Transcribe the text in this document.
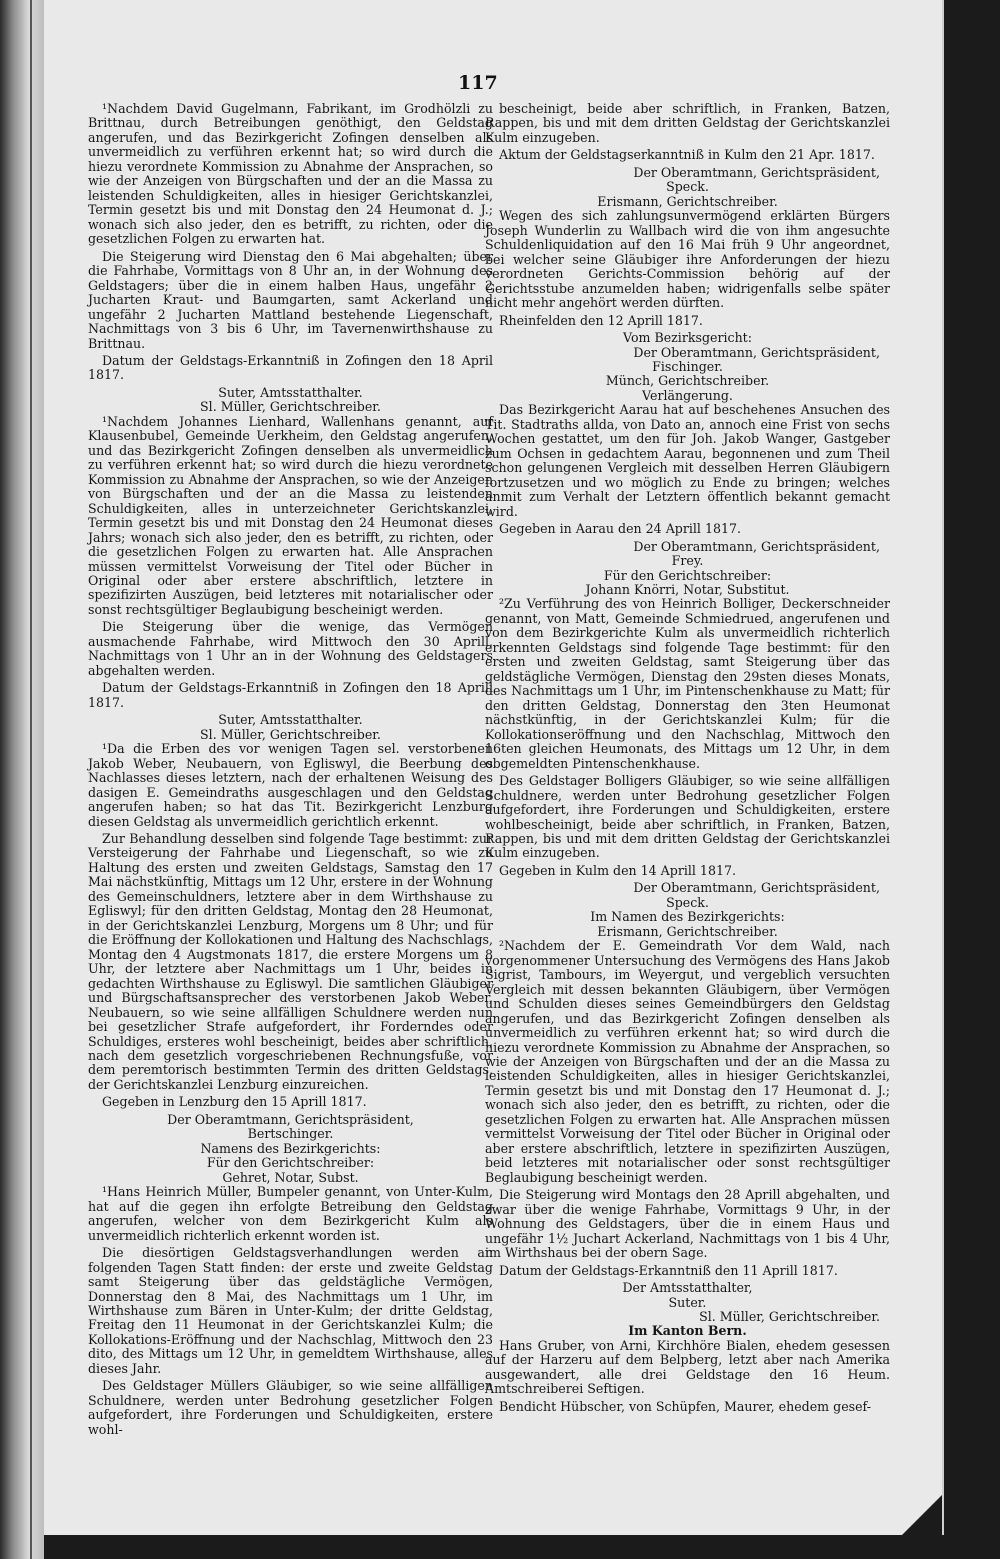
117

¹Nachdem David Gugelmann, Fabrikant, im Grodhölzli zu Brittnau, durch Betreibungen genöthigt, den Geldstag angerufen, und das Bezirkgericht Zofingen denselben als unvermeidlich zu verführen erkennt hat; so wird durch die hiezu verordnete Kommission zu Abnahme der Ansprachen, so wie der Anzeigen von Bürgschaften und der an die Massa zu leistenden Schuldigkeiten, alles in hiesiger Gerichtskanzlei, Termin gesetzt bis und mit Donstag den 24 Heumonat d. J.; wonach sich also jeder, den es betrifft, zu richten, oder die gesetzlichen Folgen zu erwarten hat.

Die Steigerung wird Dienstag den 6 Mai abgehalten; über die Fahrhabe, Vormittags von 8 Uhr an, in der Wohnung des Geldstagers; über die in einem halben Haus, ungefähr 2 Jucharten Kraut- und Baumgarten, samt Ackerland und ungefähr 2 Jucharten Mattland bestehende Liegenschaft, Nachmittags von 3 bis 6 Uhr, im Tavernenwirthshause zu Brittnau.

Datum der Geldstags-Erkanntniß in Zofingen den 18 April 1817.

Suter, Amtsstatthalter.

Sl. Müller, Gerichtschreiber.

¹Nachdem Johannes Lienhard, Wallenhans genannt, auf Klausenbubel, Gemeinde Uerkheim, den Geldstag angerufen, und das Bezirkgericht Zofingen denselben als unvermeidlich zu verführen erkennt hat; so wird durch die hiezu verordnete Kommission zu Abnahme der Ansprachen, so wie der Anzeigen von Bürgschaften und der an die Massa zu leistenden Schuldigkeiten, alles in unterzeichneter Gerichtskanzlei, Termin gesetzt bis und mit Donstag den 24 Heumonat dieses Jahrs; wonach sich also jeder, den es betrifft, zu richten, oder die gesetzlichen Folgen zu erwarten hat. Alle Ansprachen müssen vermittelst Vorweisung der Titel oder Bücher in Original oder aber erstere abschriftlich, letztere in spezifizirten Auszügen, beid letzteres mit notarialischer oder sonst rechtsgültiger Beglaubigung bescheinigt werden.

Die Steigerung über die wenige, das Vermögen ausmachende Fahrhabe, wird Mittwoch den 30 Aprill, Nachmittags von 1 Uhr an in der Wohnung des Geldstagers abgehalten werden.

Datum der Geldstags-Erkanntniß in Zofingen den 18 Aprill 1817.

Suter, Amtsstatthalter.

Sl. Müller, Gerichtschreiber.

¹Da die Erben des vor wenigen Tagen sel. verstorbenen Jakob Weber, Neubauern, von Egliswyl, die Beerbung des Nachlasses dieses letztern, nach der erhaltenen Weisung des dasigen E. Gemeindraths ausgeschlagen und den Geldstag angerufen haben; so hat das Tit. Bezirkgericht Lenzburg diesen Geldstag als unvermeidlich gerichtlich erkennt.

Zur Behandlung desselben sind folgende Tage bestimmt: zur Versteigerung der Fahrhabe und Liegenschaft, so wie zu Haltung des ersten und zweiten Geldstags, Samstag den 17 Mai nächstkünftig, Mittags um 12 Uhr, erstere in der Wohnung des Gemeinschuldners, letztere aber in dem Wirthshause zu Egliswyl; für den dritten Geldstag, Montag den 28 Heumonat, in der Gerichtskanzlei Lenzburg, Morgens um 8 Uhr; und für die Eröffnung der Kollokationen und Haltung des Nachschlags, Montag den 4 Augstmonats 1817, die erstere Morgens um 8 Uhr, der letztere aber Nachmittags um 1 Uhr, beides in gedachten Wirthshause zu Egliswyl. Die samtlichen Gläubiger und Bürgschaftsansprecher des verstorbenen Jakob Weber, Neubauern, so wie seine allfälligen Schuldnere werden nun bei gesetzlicher Strafe aufgefordert, ihr Forderndes oder Schuldiges, ersteres wohl bescheinigt, beides aber schriftlich, nach dem gesetzlich vorgeschriebenen Rechnungsfuße, vor dem peremtorisch bestimmten Termin des dritten Geldstags, der Gerichtskanzlei Lenzburg einzureichen.

Gegeben in Lenzburg den 15 Aprill 1817.

Der Oberamtmann, Gerichtspräsident,

Bertschinger.

Namens des Bezirkgerichts:

Für den Gerichtschreiber:

Gehret, Notar, Subst.

¹Hans Heinrich Müller, Bumpeler genannt, von Unter-Kulm, hat auf die gegen ihn erfolgte Betreibung den Geldstag angerufen, welcher von dem Bezirkgericht Kulm als unvermeidlich richterlich erkennt worden ist.

Die diesörtigen Geldstagsverhandlungen werden an folgenden Tagen Statt finden: der erste und zweite Geldstag samt Steigerung über das geldstägliche Vermögen, Donnerstag den 8 Mai, des Nachmittags um 1 Uhr, im Wirthshause zum Bären in Unter-Kulm; der dritte Geldstag, Freitag den 11 Heumonat in der Gerichtskanzlei Kulm; die Kollokations-Eröffnung und der Nachschlag, Mittwoch den 23 dito, des Mittags um 12 Uhr, in gemeldtem Wirthshause, alles dieses Jahr.

Des Geldstager Müllers Gläubiger, so wie seine allfälligen Schuldnere, werden unter Bedrohung gesetzlicher Folgen aufgefordert, ihre Forderungen und Schuldigkeiten, erstere wohl-

bescheinigt, beide aber schriftlich, in Franken, Batzen, Rappen, bis und mit dem dritten Geldstag der Gerichtskanzlei Kulm einzugeben.

Aktum der Geldstagserkanntniß in Kulm den 21 Apr. 1817.

Der Oberamtmann, Gerichtspräsident,

Speck.

Erismann, Gerichtschreiber.

Wegen des sich zahlungsunvermögend erklärten Bürgers Joseph Wunderlin zu Wallbach wird die von ihm angesuchte Schuldenliquidation auf den 16 Mai früh 9 Uhr angeordnet, bei welcher seine Gläubiger ihre Anforderungen der hiezu verordneten Gerichts-Commission behörig auf der Gerichtsstube anzumelden haben; widrigenfalls selbe später nicht mehr angehört werden dürften.

Rheinfelden den 12 Aprill 1817.

Vom Bezirksgericht:

Der Oberamtmann, Gerichtspräsident,

Fischinger.

Münch, Gerichtschreiber.

Verlängerung.

Das Bezirkgericht Aarau hat auf beschehenes Ansuchen des Tit. Stadtraths allda, von Dato an, annoch eine Frist von sechs Wochen gestattet, um den für Joh. Jakob Wanger, Gastgeber zum Ochsen in gedachtem Aarau, begonnenen und zum Theil schon gelungenen Vergleich mit desselben Herren Gläubigern fortzusetzen und wo möglich zu Ende zu bringen; welches anmit zum Verhalt der Letztern öffentlich bekannt gemacht wird.

Gegeben in Aarau den 24 Aprill 1817.

Der Oberamtmann, Gerichtspräsident,

Frey.

Für den Gerichtschreiber:

Johann Knörri, Notar, Substitut.

²Zu Verführung des von Heinrich Bolliger, Deckerschneider genannt, von Matt, Gemeinde Schmiedrued, angerufenen und von dem Bezirkgerichte Kulm als unvermeidlich richterlich erkennten Geldstags sind folgende Tage bestimmt: für den ersten und zweiten Geldstag, samt Steigerung über das geldstägliche Vermögen, Dienstag den 29sten dieses Monats, des Nachmittags um 1 Uhr, im Pintenschenkhause zu Matt; für den dritten Geldstag, Donnerstag den 3ten Heumonat nächstkünftig, in der Gerichtskanzlei Kulm; für die Kollokationseröffnung und den Nachschlag, Mittwoch den 16ten gleichen Heumonats, des Mittags um 12 Uhr, in dem obgemeldten Pintenschenkhause.

Des Geldstager Bolligers Gläubiger, so wie seine allfälligen Schuldnere, werden unter Bedrohung gesetzlicher Folgen aufgefordert, ihre Forderungen und Schuldigkeiten, erstere wohlbescheinigt, beide aber schriftlich, in Franken, Batzen, Rappen, bis und mit dem dritten Geldstag der Gerichtskanzlei Kulm einzugeben.

Gegeben in Kulm den 14 Aprill 1817.

Der Oberamtmann, Gerichtspräsident,

Speck.

Im Namen des Bezirkgerichts:

Erismann, Gerichtschreiber.

²Nachdem der E. Gemeindrath Vor dem Wald, nach vorgenommener Untersuchung des Vermögens des Hans Jakob Sigrist, Tambours, im Weyergut, und vergeblich versuchten Vergleich mit dessen bekannten Gläubigern, über Vermögen und Schulden dieses seines Gemeindbürgers den Geldstag angerufen, und das Bezirkgericht Zofingen denselben als unvermeidlich zu verführen erkennt hat; so wird durch die hiezu verordnete Kommission zu Abnahme der Ansprachen, so wie der Anzeigen von Bürgschaften und der an die Massa zu leistenden Schuldigkeiten, alles in hiesiger Gerichtskanzlei, Termin gesetzt bis und mit Donstag den 17 Heumonat d. J.; wonach sich also jeder, den es betrifft, zu richten, oder die gesetzlichen Folgen zu erwarten hat. Alle Ansprachen müssen vermittelst Vorweisung der Titel oder Bücher in Original oder aber erstere abschriftlich, letztere in spezifizirten Auszügen, beid letzteres mit notarialischer oder sonst rechtsgültiger Beglaubigung bescheinigt werden.

Die Steigerung wird Montags den 28 Aprill abgehalten, und zwar über die wenige Fahrhabe, Vormittags 9 Uhr, in der Wohnung des Geldstagers, über die in einem Haus und ungefähr 1½ Juchart Ackerland, Nachmittags von 1 bis 4 Uhr, im Wirthshaus bei der obern Sage.

Datum der Geldstags-Erkanntniß den 11 Aprill 1817.

Der Amtsstatthalter,

Suter.

Sl. Müller, Gerichtschreiber.

Im Kanton Bern.

Hans Gruber, von Arni, Kirchhöre Bialen, ehedem gesessen auf der Harzeru auf dem Belpberg, letzt aber nach Amerika ausgewandert, alle drei Geldstage den 16 Heum. Amtschreiberei Seftigen.

Bendicht Hübscher, von Schüpfen, Maurer, ehedem gesef-
